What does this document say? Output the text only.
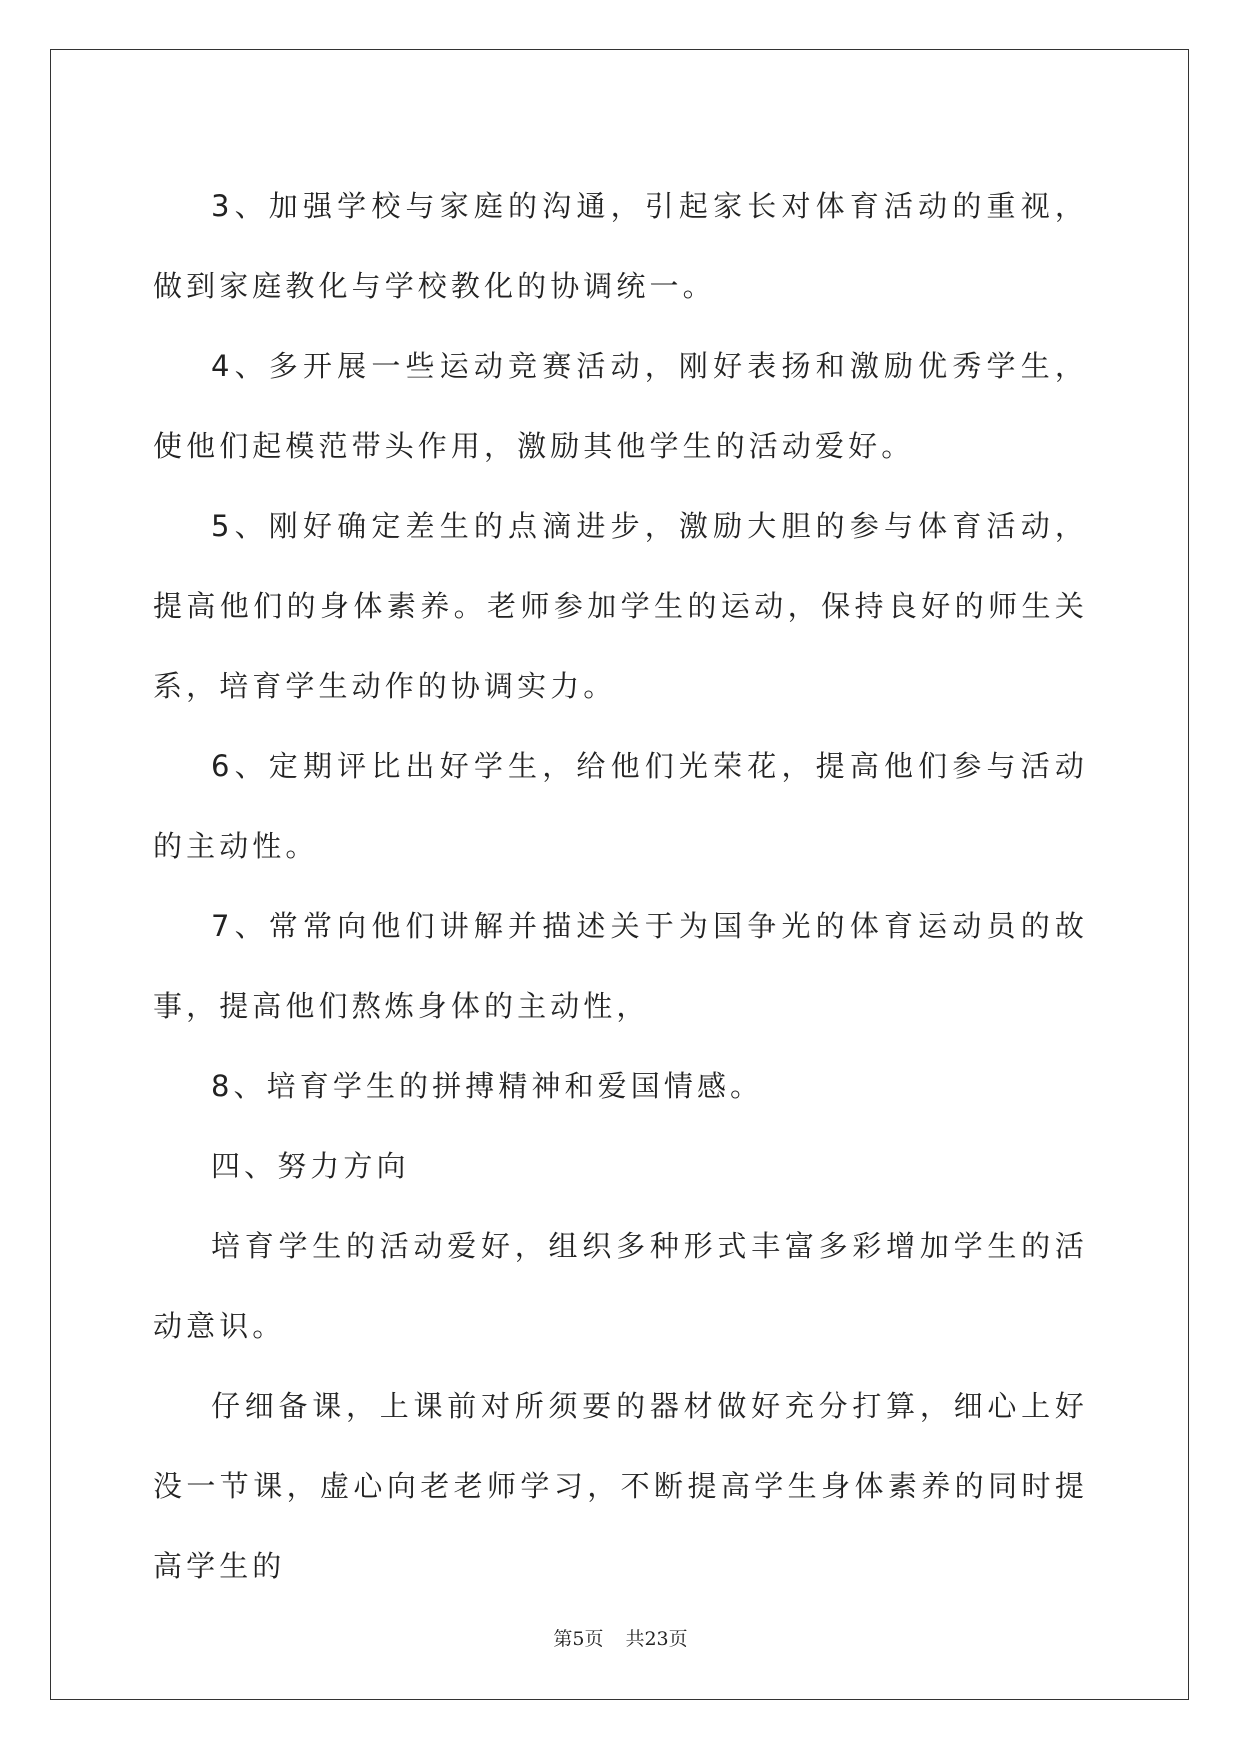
3、加强学校与家庭的沟通，引起家长对体育活动的重视，做到家庭教化与学校教化的协调统一。

4、多开展一些运动竞赛活动，刚好表扬和激励优秀学生，使他们起模范带头作用，激励其他学生的活动爱好。

5、刚好确定差生的点滴进步，激励大胆的参与体育活动，提高他们的身体素养。老师参加学生的运动，保持良好的师生关系，培育学生动作的协调实力。

6、定期评比出好学生，给他们光荣花，提高他们参与活动的主动性。

7、常常向他们讲解并描述关于为国争光的体育运动员的故事，提高他们熬炼身体的主动性，

8、培育学生的拼搏精神和爱国情感。

四、努力方向

培育学生的活动爱好，组织多种形式丰富多彩增加学生的活动意识。

仔细备课，上课前对所须要的器材做好充分打算，细心上好没一节课，虚心向老老师学习，不断提高学生身体素养的同时提高学生的

第5页 共23页
